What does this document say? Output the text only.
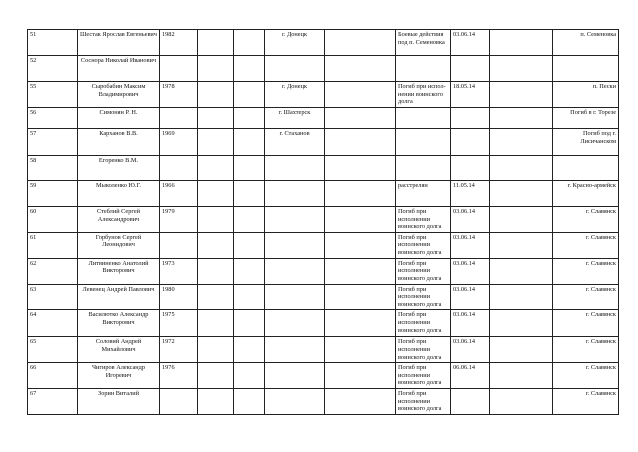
51	Шестак Ярослав Евгеньевич	1982			г. Донецк		Боевые действия под п. Семеновка	03.06.14		п. Семеновка
52	Соснора Николай Иванович									
55	Сыробабин Максим Владимирович	1978			г. Донецк		Погиб при испол-нении воинского долга	18.05.14		п. Пески
56	Симонян Р. Н.				г. Шахтерск					Погиб в г. Торезе
57	Карханов В.В.	1969			г. Стаханов					Погиб под г. Лисичанском
58	Егоренко В.М.									
59	Мыколенко Ю.Г.	1966					расстрелян	11.05.14		г. Красно-армейск
60	Стеблий Сергей Александрович	1979					Погиб при исполнении воинского долга	03.06.14		г. Славянск
61	Горбунов Сергей Леонидович						Погиб при исполнении воинского долга	03.06.14		г. Славянск
62	Литвиненко Анатолий Викторович	1973					Погиб при исполнении воинского долга	03.06.14		г. Славянск
63	Левенец Андрей Павлович	1980					Погиб при исполнении воинского долга	03.06.14		г. Славянск
64	Василютко Александр Викторович	1975					Погиб при исполнении воинского долга	03.06.14		г. Славянск
65	Соловий Андрей Михайлович	1972					Погиб при исполнении воинского долга	03.06.14		г. Славянск
66	Чигиров Александр Игоревич	1976					Погиб при исполнении воинского долга	06.06.14		г. Славянск
67	Зорин Виталий						Погиб при исполнении воинского долга			г. Славянск
